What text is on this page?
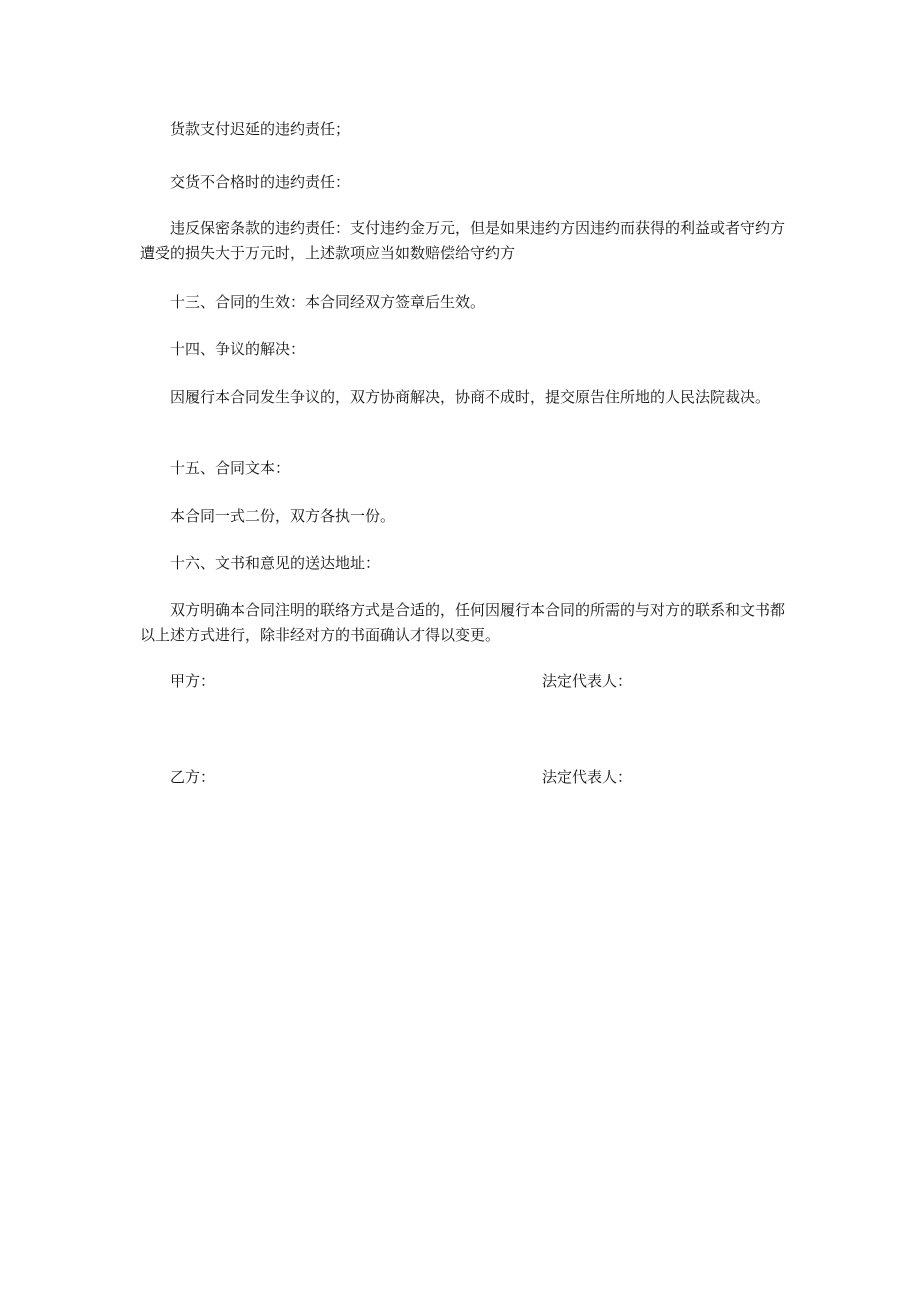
货款支付迟延的违约责任；

交货不合格时的违约责任：

违反保密条款的违约责任：支付违约金万元，但是如果违约方因违约而获得的利益或者守约方遭受的损失大于万元时，上述款项应当如数赔偿给守约方

十三、合同的生效：本合同经双方签章后生效。

十四、争议的解决：

因履行本合同发生争议的，双方协商解决，协商不成时，提交原告住所地的人民法院裁决。

十五、合同文本：

本合同一式二份，双方各执一份。

十六、文书和意见的送达地址：

双方明确本合同注明的联络方式是合适的，任何因履行本合同的所需的与对方的联系和文书都以上述方式进行，除非经对方的书面确认才得以变更。

甲方：	法定代表人：
乙方：	法定代表人：
